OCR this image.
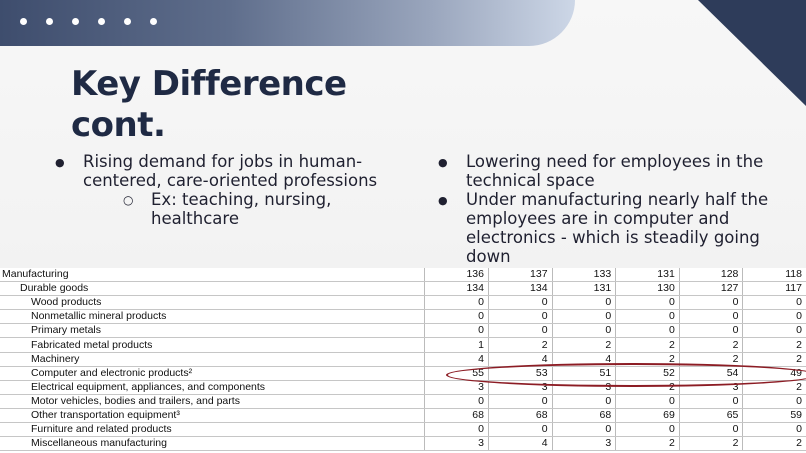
Key Difference
cont.
● Rising demand for jobs in human-centered, care-oriented professions
○ Ex: teaching, nursing, healthcare
● Lowering need for employees in the technical space
● Under manufacturing nearly half the employees are in computer and electronics - which is steadily going down
Manufacturing	136	137	133	131	128	118
Durable goods	134	134	131	130	127	117
Wood products	0	0	0	0	0	0
Nonmetallic mineral products	0	0	0	0	0	0
Primary metals	0	0	0	0	0	0
Fabricated metal products	1	2	2	2	2	2
Machinery	4	4	4	2	2	2
Computer and electronic products²	55	53	51	52	54	49
Electrical equipment, appliances, and components	3	3	3	2	3	2
Motor vehicles, bodies and trailers, and parts	0	0	0	0	0	0
Other transportation equipment³	68	68	68	69	65	59
Furniture and related products	0	0	0	0	0	0
Miscellaneous manufacturing	3	4	3	2	2	2
